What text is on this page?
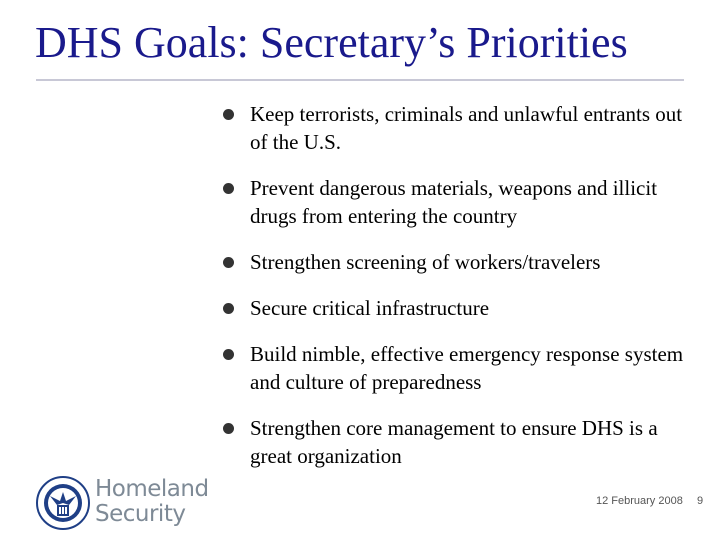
DHS Goals: Secretary’s Priorities
Keep terrorists, criminals and unlawful entrants out of the U.S.
Prevent dangerous materials, weapons and illicit drugs from entering the country
Strengthen screening of workers/travelers
Secure critical infrastructure
Build nimble, effective emergency response system and culture of preparedness
Strengthen core management to ensure DHS is a great organization
Homeland
Security	12 February 2008 9
